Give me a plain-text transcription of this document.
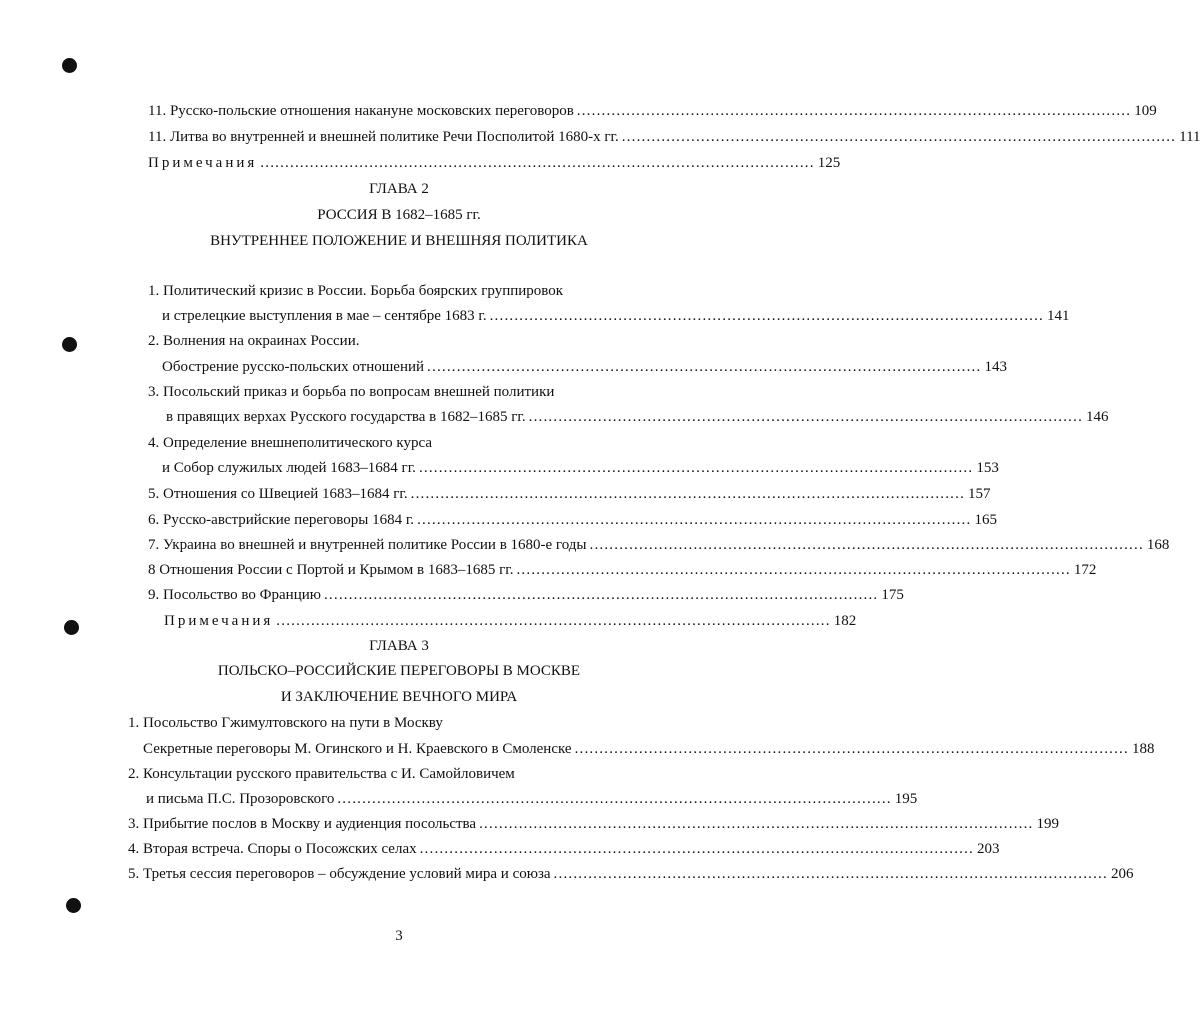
11. Русско-польские отношения накануне московских переговоров ................................................................................................................ 109
11. Литва во внутренней и внешней политике Речи Посполитой 1680-х гг. ................................................................................................................ 111
Примечания ................................................................................................................ 125
ГЛАВА 2
РОССИЯ В 1682–1685 гг.
ВНУТРЕННЕЕ ПОЛОЖЕНИЕ И ВНЕШНЯЯ ПОЛИТИКА
1. Политический кризис в России. Борьба боярских группировок
и стрелецкие выступления в мае – сентябре 1683 г. ................................................................................................................ 141
2. Волнения на окраинах России.
Обострение русско-польских отношений ................................................................................................................ 143
3. Посольский приказ и борьба по вопросам внешней политики
в правящих верхах Русского государства в 1682–1685 гг. ................................................................................................................ 146
4. Определение внешнеполитического курса
и Собор служилых людей 1683–1684 гг. ................................................................................................................ 153
5. Отношения со Швецией 1683–1684 гг. ................................................................................................................ 157
6. Русско-австрийские переговоры 1684 г. ................................................................................................................ 165
7. Украина во внешней и внутренней политике России в 1680-е годы ................................................................................................................ 168
8 Отношения России с Портой и Крымом в 1683–1685 гг. ................................................................................................................ 172
9. Посольство во Францию ................................................................................................................ 175
Примечания ................................................................................................................ 182
ГЛАВА 3
ПОЛЬСКО–РОССИЙСКИЕ ПЕРЕГОВОРЫ В МОСКВЕ
И ЗАКЛЮЧЕНИЕ ВЕЧНОГО МИРА
1. Посольство Гжимултовского на пути в Москву
Секретные переговоры М. Огинского и Н. Краевского в Смоленске ................................................................................................................ 188
2. Консультации русского правительства с И. Самойловичем
и письма П.С. Прозоровского ................................................................................................................ 195
3. Прибытие послов в Москву и аудиенция посольства ................................................................................................................ 199
4. Вторая встреча. Споры о Посожских селах ................................................................................................................ 203
5. Третья сессия переговоров – обсуждение условий мира и союза ................................................................................................................ 206
3
